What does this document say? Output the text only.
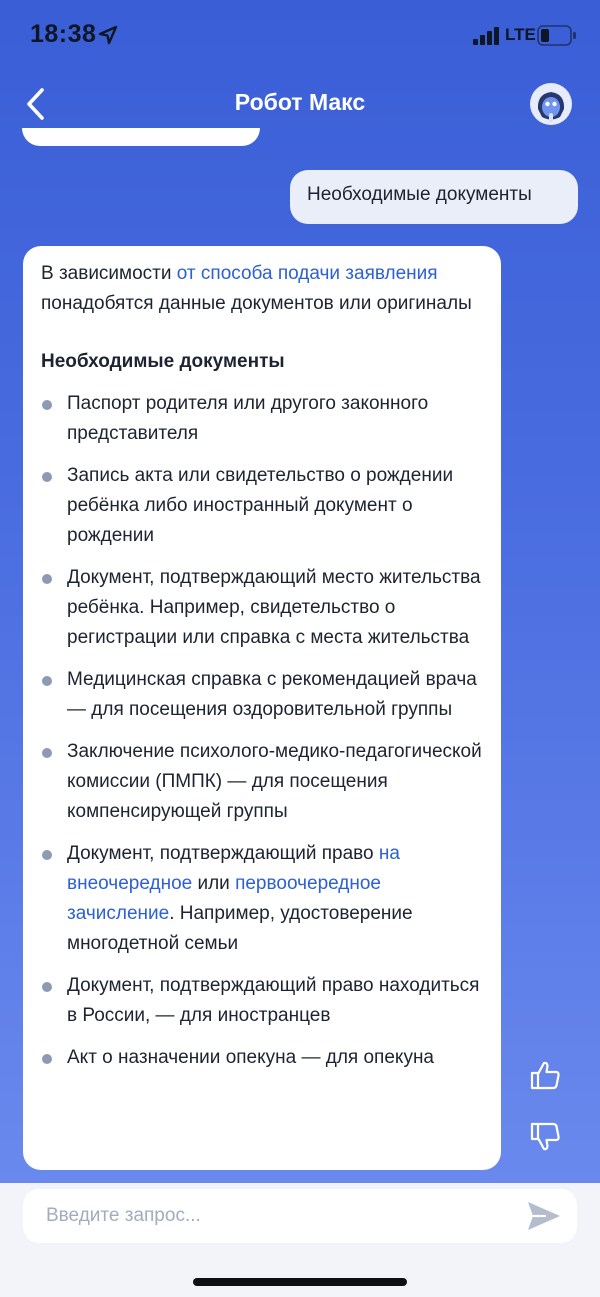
18:38	LTE
Робот Макс
Необходимые документы

В зависимости от способа подачи заявления понадобятся данные документов или оригиналы

Необходимые документы

Паспорт родителя или другого законного представителя
Запись акта или свидетельство о рождении ребёнка либо иностранный документ о рождении
Документ, подтверждающий место жительства ребёнка. Например, свидетельство о регистрации или справка с места жительства
Медицинская справка с рекомендацией врача — для посещения оздоровительной группы
Заключение психолого-медико-педагогической комиссии (ПМПК) — для посещения компенсирующей группы
Документ, подтверждающий право на внеочередное или первоочередное зачисление. Например, удостоверение многодетной семьи
Документ, подтверждающий право находиться в России, — для иностранцев
Акт о назначении опекуна — для опекуна
Введите запрос...
